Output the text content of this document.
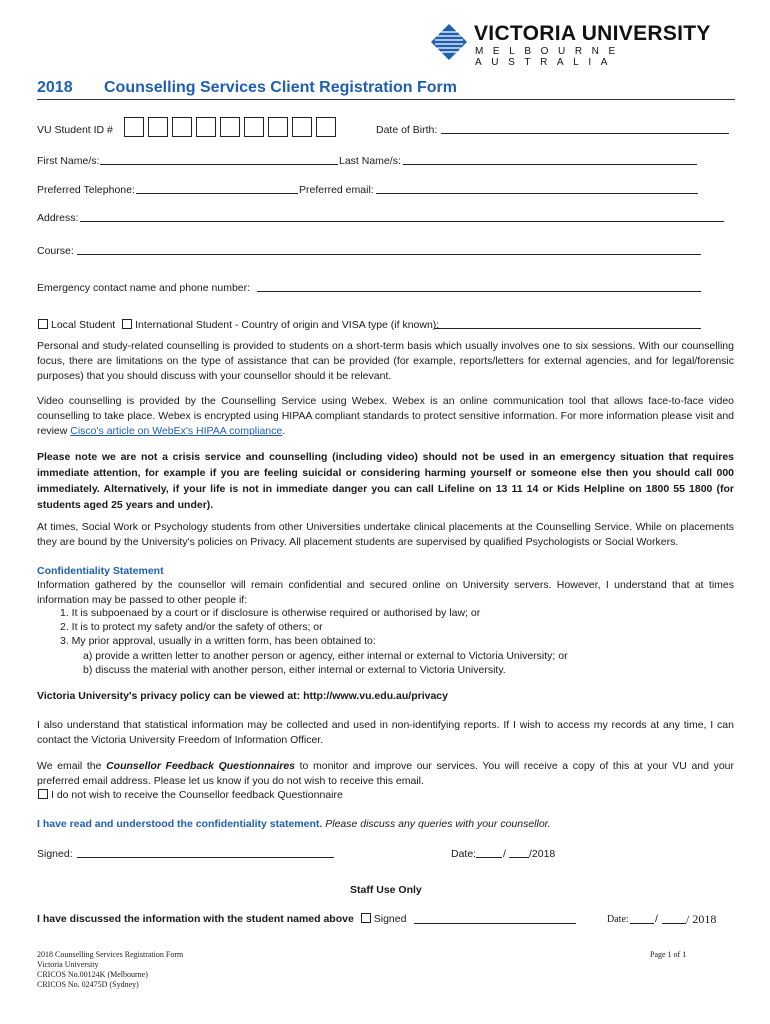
VICTORIA UNIVERSITY
MELBOURNE AUSTRALIA
2018 Counselling Services Client Registration Form
VU Student ID #	Date of Birth:
First Name/s:	Last Name/s:
Preferred Telephone:	Preferred email:
Address:
Course:
Emergency contact name and phone number:
Local Student International Student - Country of origin and VISA type (if known):

Personal and study-related counselling is provided to students on a short-term basis which usually involves one to six sessions. With our counselling focus, there are limitations on the type of assistance that can be provided (for example, reports/letters for external agencies, and for legal/forensic purposes) that you should discuss with your counsellor should it be relevant.

Video counselling is provided by the Counselling Service using Webex. Webex is an online communication tool that allows face-to-face video counselling to take place. Webex is encrypted using HIPAA compliant standards to protect sensitive information. For more information please visit and review Cisco's article on WebEx's HIPAA compliance.

Please note we are not a crisis service and counselling (including video) should not be used in an emergency situation that requires immediate attention, for example if you are feeling suicidal or considering harming yourself or someone else then you should call 000 immediately. Alternatively, if your life is not in immediate danger you can call Lifeline on 13 11 14 or Kids Helpline on 1800 55 1800 (for students aged 25 years and under).

At times, Social Work or Psychology students from other Universities undertake clinical placements at the Counselling Service. While on placements they are bound by the University's policies on Privacy. All placement students are supervised by qualified Psychologists or Social Workers.

Confidentiality Statement

Information gathered by the counsellor will remain confidential and secured online on University servers. However, I understand that at times information may be passed to other people if:

1. It is subpoenaed by a court or if disclosure is otherwise required or authorised by law; or
2. It is to protect my safety and/or the safety of others; or
3. My prior approval, usually in a written form, has been obtained to:
a) provide a written letter to another person or agency, either internal or external to Victoria University; or
b) discuss the material with another person, either internal or external to Victoria University.
Victoria University's privacy policy can be viewed at: http://www.vu.edu.au/privacy

I also understand that statistical information may be collected and used in non-identifying reports. If I wish to access my records at any time, I can contact the Victoria University Freedom of Information Officer.

We email the Counsellor Feedback Questionnaires to monitor and improve our services. You will receive a copy of this at your VU and your preferred email address. Please let us know if you do not wish to receive this email.

I do not wish to receive the Counsellor feedback Questionnaire
I have read and understood the confidentiality statement. Please discuss any queries with your counsellor.
Signed:	Date:	/ /2018
Staff Use Only
I have discussed the information with the student named above Signed	Date:	/ / 2018
2018 Counselling Services Registration Form
Victoria University
CRICOS No.00124K (Melbourne)
CRICOS No. 02475D (Sydney)
Page 1 of 1
